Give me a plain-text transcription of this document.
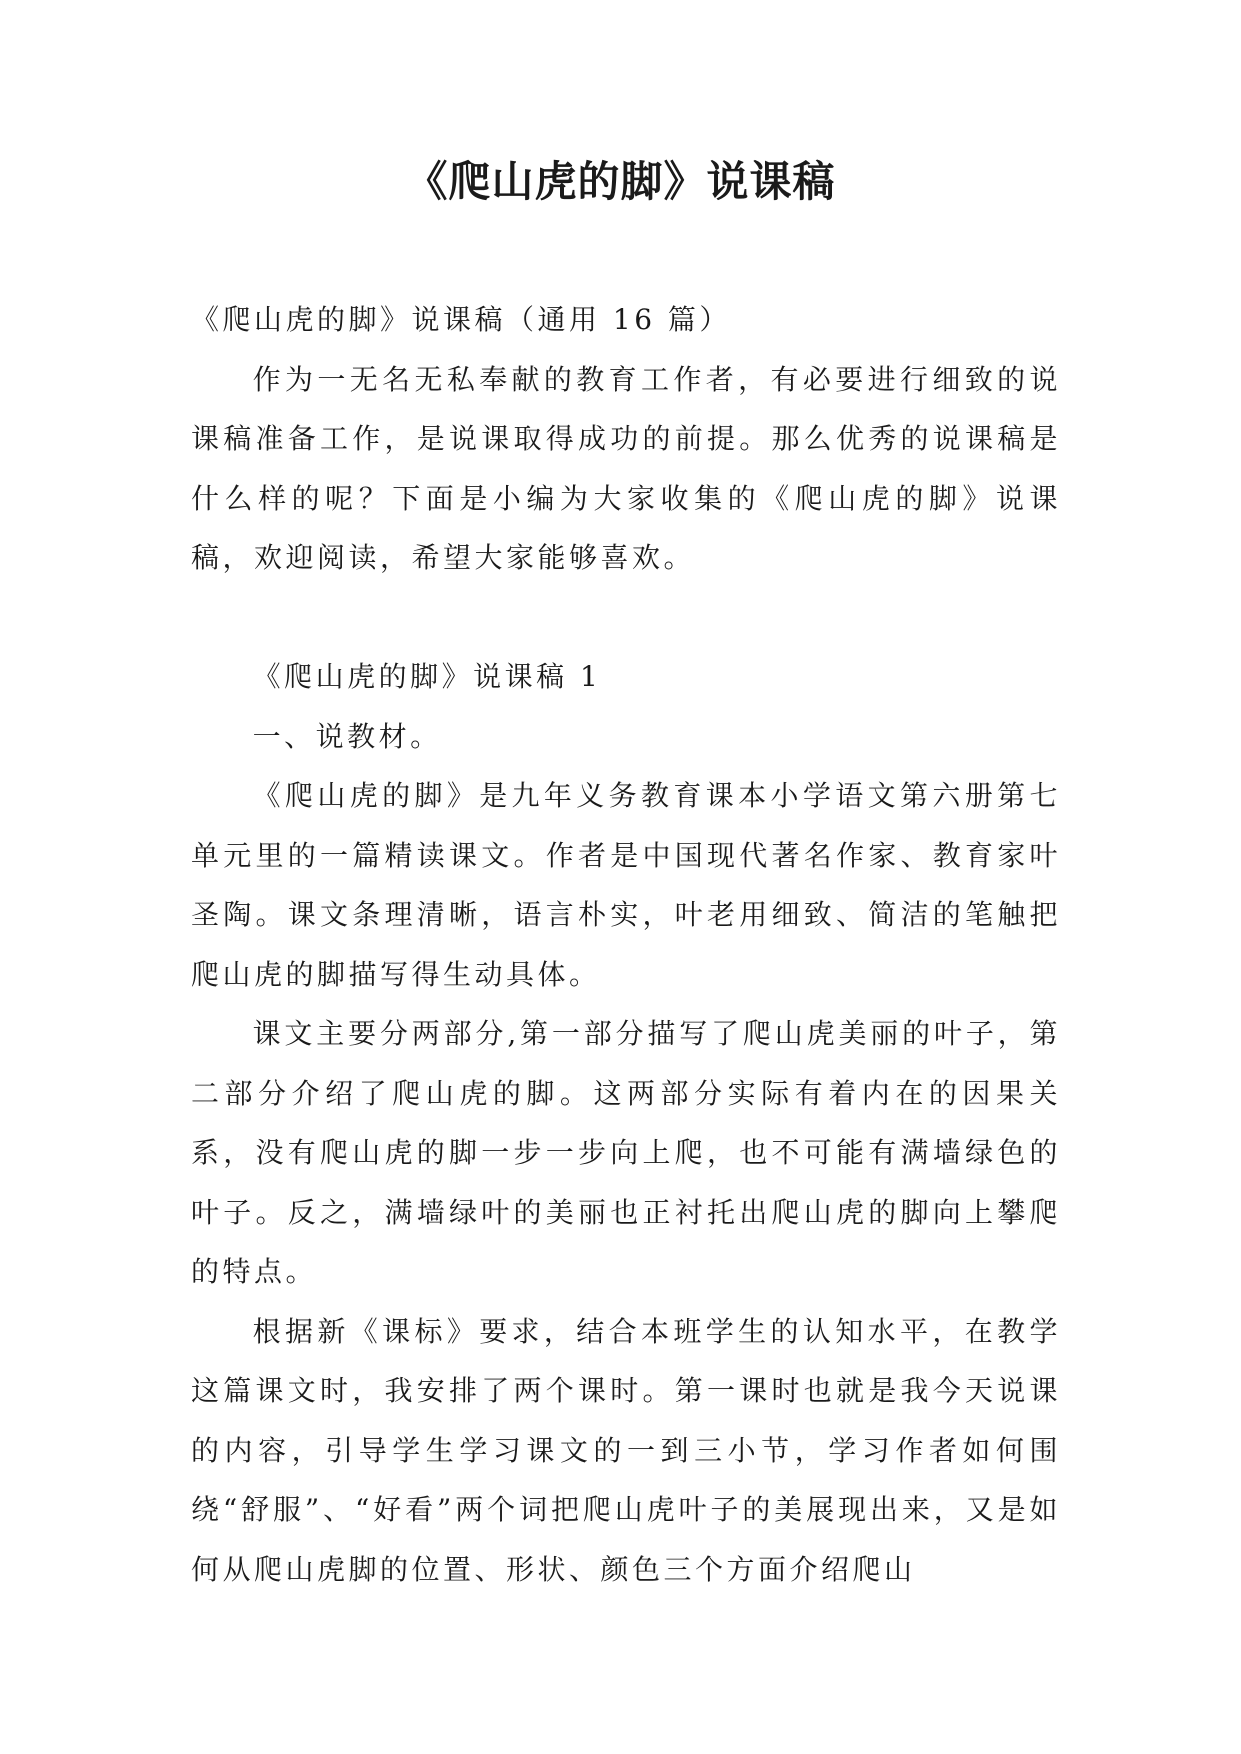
《爬山虎的脚》说课稿

《爬山虎的脚》说课稿（通用 16 篇）

作为一无名无私奉献的教育工作者，有必要进行细致的说课稿准备工作，是说课取得成功的前提。那么优秀的说课稿是什么样的呢？下面是小编为大家收集的《爬山虎的脚》说课稿，欢迎阅读，希望大家能够喜欢。

《爬山虎的脚》说课稿 1

一、说教材。

《爬山虎的脚》是九年义务教育课本小学语文第六册第七单元里的一篇精读课文。作者是中国现代著名作家、教育家叶圣陶。课文条理清晰，语言朴实，叶老用细致、简洁的笔触把爬山虎的脚描写得生动具体。

课文主要分两部分,第一部分描写了爬山虎美丽的叶子，第二部分介绍了爬山虎的脚。这两部分实际有着内在的因果关系，没有爬山虎的脚一步一步向上爬，也不可能有满墙绿色的叶子。反之，满墙绿叶的美丽也正衬托出爬山虎的脚向上攀爬的特点。

根据新《课标》要求，结合本班学生的认知水平，在教学这篇课文时，我安排了两个课时。第一课时也就是我今天说课的内容，引导学生学习课文的一到三小节，学习作者如何围绕“舒服”、“好看”两个词把爬山虎叶子的美展现出来，又是如何从爬山虎脚的位置、形状、颜色三个方面介绍爬山
